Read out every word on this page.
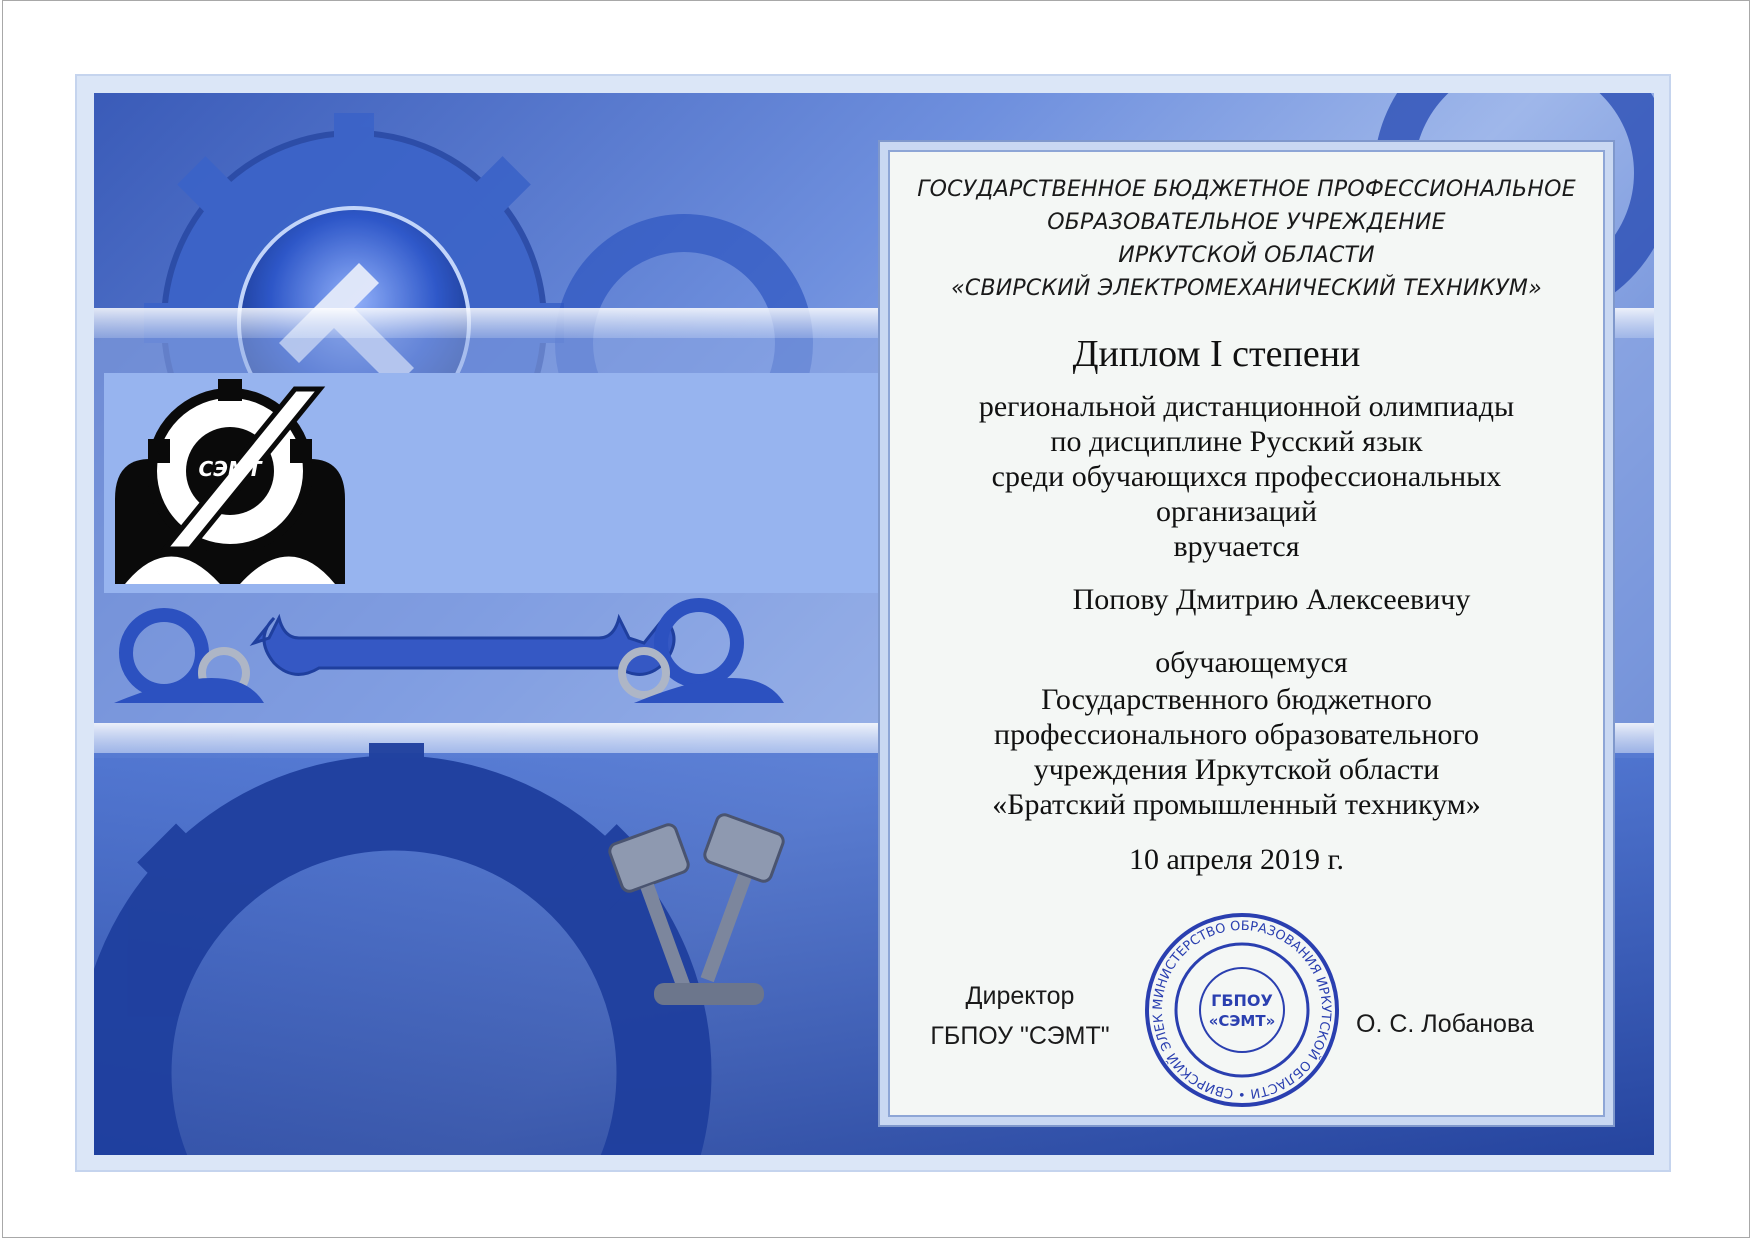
СЭМТ
ГОСУДАРСТВЕННОЕ БЮДЖЕТНОЕ ПРОФЕССИОНАЛЬНОЕ
ОБРАЗОВАТЕЛЬНОЕ УЧРЕЖДЕНИЕ
ИРКУТСКОЙ ОБЛАСТИ
«СВИРСКИЙ ЭЛЕКТРОМЕХАНИЧЕСКИЙ ТЕХНИКУМ»
Диплом I степени
региональной дистанционной олимпиады
по дисциплине Русский язык
среди обучающихся профессиональных
организаций
вручается
Попову Дмитрию Алексеевичу
обучающемуся
Государственного бюджетного
профессионального образовательного
учреждения Иркутской области
«Братский промышленный техникум»
10 апреля 2019 г.
Директор
ГБПОУ "СЭМТ"	О. С. Лобанова
МИНИСТЕРСТВО ОБРАЗОВАНИЯ ИРКУТСКОЙ ОБЛАСТИ • СВИРСКИЙ ЭЛЕК
ГБПОУ
«СЭМТ»
